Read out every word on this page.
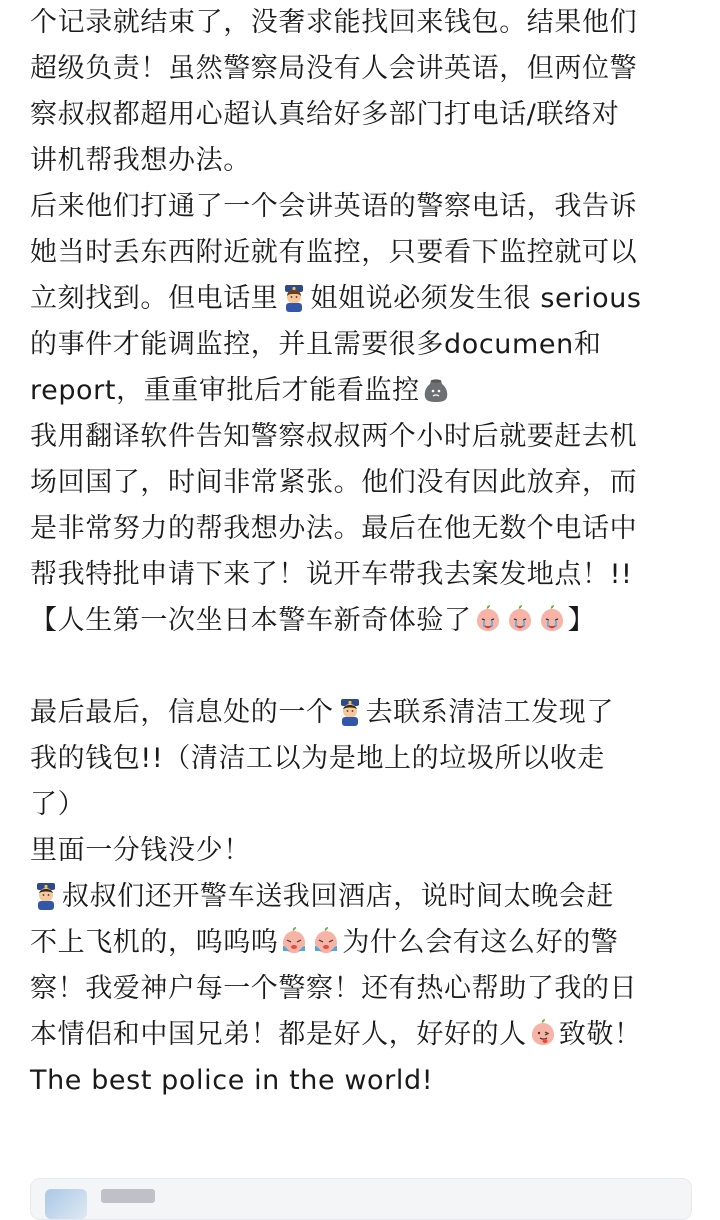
个记录就结束了，没奢求能找回来钱包。结果他们
超级负责！虽然警察局没有人会讲英语，但两位警
察叔叔都超用心超认真给好多部门打电话/联络对
讲机帮我想办法。
后来他们打通了一个会讲英语的警察电话，我告诉
她当时丢东西附近就有监控，只要看下监控就可以
立刻找到。但电话里 姐姐说必须发生很 serious
的事件才能调监控，并且需要很多documen和
report，重重审批后才能看监控
我用翻译软件告知警察叔叔两个小时后就要赶去机
场回国了，时间非常紧张。他们没有因此放弃，而
是非常努力的帮我想办法。最后在他无数个电话中
帮我特批申请下来了！说开车带我去案发地点！!!
【人生第一次坐日本警车新奇体验了	】
最后最后，信息处的一个 去联系清洁工发现了
我的钱包!!（清洁工以为是地上的垃圾所以收走
了）
里面一分钱没少！
叔叔们还开警车送我回酒店，说时间太晚会赶
不上飞机的，呜呜呜 为什么会有这么好的警
察！我爱神户每一个警察！还有热心帮助了我的日
本情侣和中国兄弟！都是好人，好好的人 致敬！
The best police in the world!
